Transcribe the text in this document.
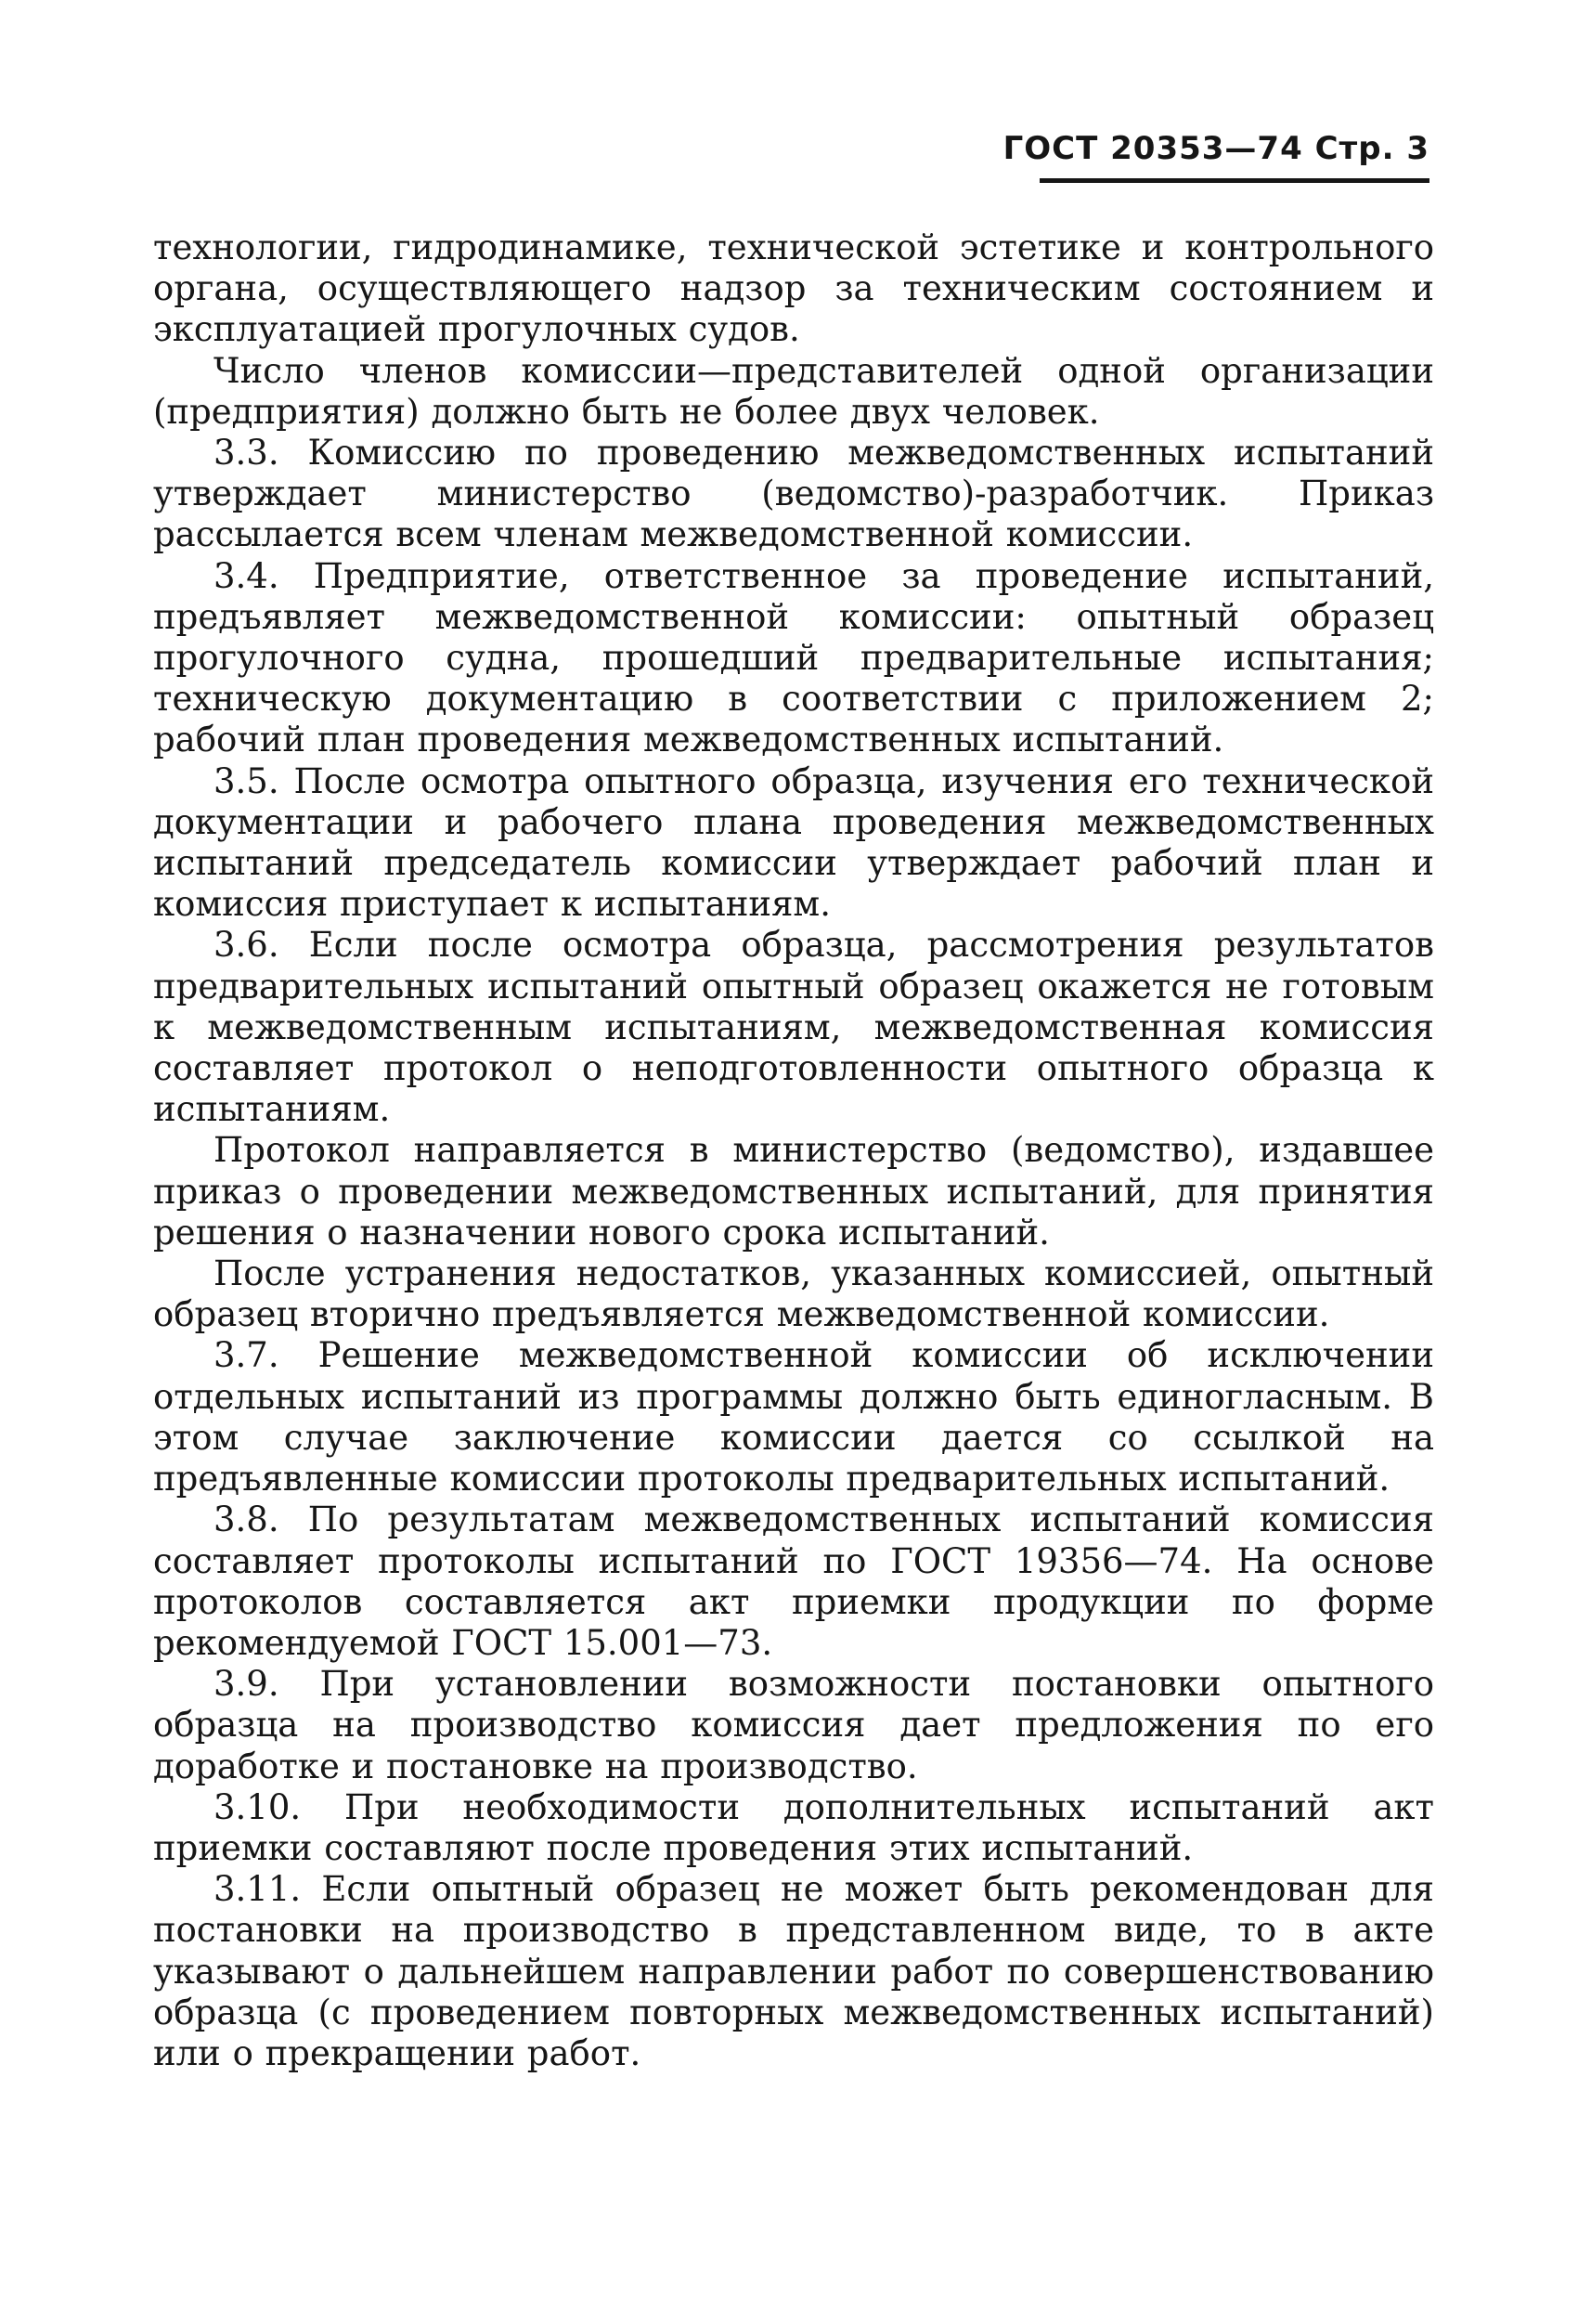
ГОСТ 20353—74 Стр. 3

технологии, гидродинамике, технической эстетике и контрольного органа, осуществляющего надзор за техническим состоянием и эксплуатацией прогулочных судов.

Число членов комиссии—представителей одной организации (предприятия) должно быть не более двух человек.

3.3. Комиссию по проведению межведомственных испытаний утверждает министерство (ведомство)-разработчик. Приказ рассылается всем членам межведомственной комиссии.

3.4. Предприятие, ответственное за проведение испытаний, предъявляет межведомственной комиссии: опытный образец прогулочного судна, прошедший предварительные испытания; техническую документацию в соответствии с приложением 2; рабочий план проведения межведомственных испытаний.

3.5. После осмотра опытного образца, изучения его технической документации и рабочего плана проведения межведомственных испытаний председатель комиссии утверждает рабочий план и комиссия приступает к испытаниям.

3.6. Если после осмотра образца, рассмотрения результатов предварительных испытаний опытный образец окажется не готовым к межведомственным испытаниям, межведомственная комиссия составляет протокол о неподготовленности опытного образца к испытаниям.

Протокол направляется в министерство (ведомство), издавшее приказ о проведении межведомственных испытаний, для принятия решения о назначении нового срока испытаний.

После устранения недостатков, указанных комиссией, опытный образец вторично предъявляется межведомственной комиссии.

3.7. Решение межведомственной комиссии об исключении отдельных испытаний из программы должно быть единогласным. В этом случае заключение комиссии дается со ссылкой на предъявленные комиссии протоколы предварительных испытаний.

3.8. По результатам межведомственных испытаний комиссия составляет протоколы испытаний по ГОСТ 19356—74. На основе протоколов составляется акт приемки продукции по форме рекомендуемой ГОСТ 15.001—73.

3.9. При установлении возможности постановки опытного образца на производство комиссия дает предложения по его доработке и постановке на производство.

3.10. При необходимости дополнительных испытаний акт приемки составляют после проведения этих испытаний.

3.11. Если опытный образец не может быть рекомендован для постановки на производство в представленном виде, то в акте указывают о дальнейшем направлении работ по совершенствованию образца (с проведением повторных межведомственных испытаний) или о прекращении работ.
